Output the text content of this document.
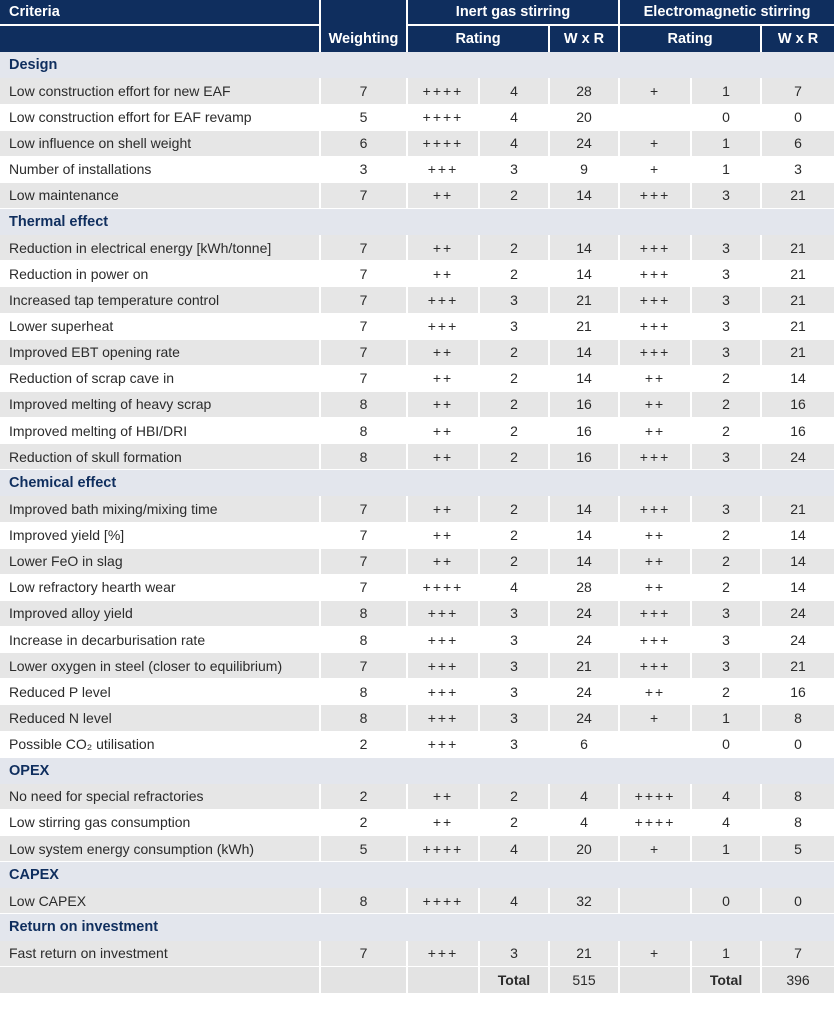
Criteria		Inert gas stirring			Electromagnetic stirring		
	Weighting	Rating		W x R	Rating		W x R
Design							
Low construction effort for new EAF	7	++++	4	28	+	1	7
Low construction effort for EAF revamp	5	++++	4	20		0	0
Low influence on shell weight	6	++++	4	24	+	1	6
Number of installations	3	+++	3	9	+	1	3
Low maintenance	7	++	2	14	+++	3	21
Thermal effect							
Reduction in electrical energy [kWh/tonne]	7	++	2	14	+++	3	21
Reduction in power on	7	++	2	14	+++	3	21
Increased tap temperature control	7	+++	3	21	+++	3	21
Lower superheat	7	+++	3	21	+++	3	21
Improved EBT opening rate	7	++	2	14	+++	3	21
Reduction of scrap cave in	7	++	2	14	++	2	14
Improved melting of heavy scrap	8	++	2	16	++	2	16
Improved melting of HBI/DRI	8	++	2	16	++	2	16
Reduction of skull formation	8	++	2	16	+++	3	24
Chemical effect							
Improved bath mixing/mixing time	7	++	2	14	+++	3	21
Improved yield [%]	7	++	2	14	++	2	14
Lower FeO in slag	7	++	2	14	++	2	14
Low refractory hearth wear	7	++++	4	28	++	2	14
Improved alloy yield	8	+++	3	24	+++	3	24
Increase in decarburisation rate	8	+++	3	24	+++	3	24
Lower oxygen in steel (closer to equilibrium)	7	+++	3	21	+++	3	21
Reduced P level	8	+++	3	24	++	2	16
Reduced N level	8	+++	3	24	+	1	8
Possible CO₂ utilisation	2	+++	3	6		0	0
OPEX							
No need for special refractories	2	++	2	4	++++	4	8
Low stirring gas consumption	2	++	2	4	++++	4	8
Low system energy consumption (kWh)	5	++++	4	20	+	1	5
CAPEX							
Low CAPEX	8	++++	4	32		0	0
Return on investment							
Fast return on investment	7	+++	3	21	+	1	7
			Total	515		Total	396
